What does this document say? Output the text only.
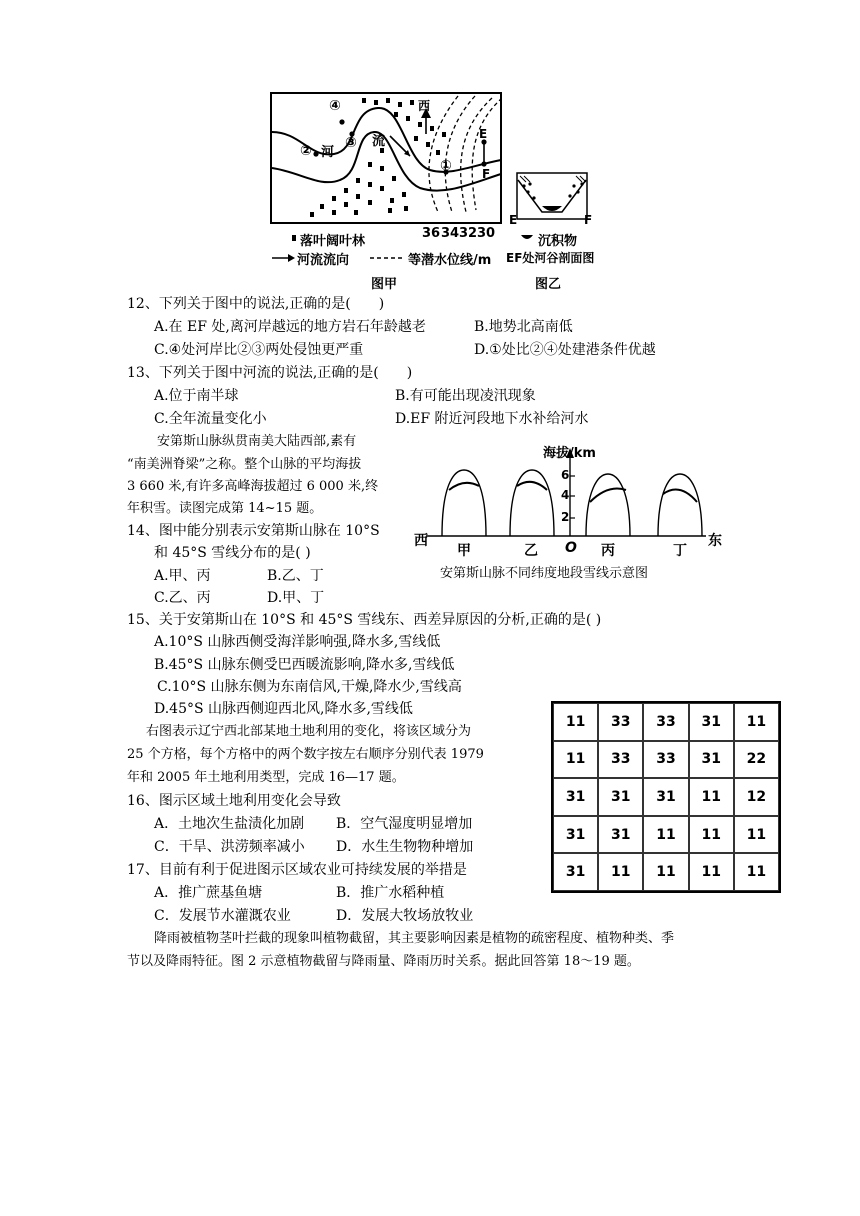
西
④
② 河
③ 流
①
E
F
36 34 32 30
落叶阔叶林
河流流向	等潜水位线/m
图甲
E	F
沉积物
EF处河谷剖面图
图乙
12、下列关于图中的说法,正确的是(　　)
A.在 EF 处,离河岸越远的地方岩石年龄越老	B.地势北高南低
C.④处河岸比②③两处侵蚀更严重	D.①处比②④处建港条件优越
13、下列关于图中河流的说法,正确的是(　　)
A.位于南半球	B.有可能出现凌汛现象
C.全年流量变化小	D.EF 附近河段地下水补给河水
安第斯山脉纵贯南美大陆西部,素有
“南美洲脊梁”之称。整个山脉的平均海拔
3 660 米,有许多高峰海拔超过 6 000 米,终
年积雪。读图完成第 14~15 题。
海拔/km
6
4
2
西	东
O
甲	乙	丙	丁
安第斯山脉不同纬度地段雪线示意图
14、图中能分别表示安第斯山脉在 10°S
和 45°S 雪线分布的是( )
A.甲、丙	B.乙、丁
C.乙、丙	D.甲、丁
15、关于安第斯山在 10°S 和 45°S 雪线东、西差异原因的分析,正确的是( )
A.10°S 山脉西侧受海洋影响强,降水多,雪线低
B.45°S 山脉东侧受巴西暖流影响,降水多,雪线低
C.10°S 山脉东侧为东南信风,干燥,降水少,雪线高
D.45°S 山脉西侧迎西北风,降水多,雪线低
右图表示辽宁西北部某地土地利用的变化，将该区域分为
25 个方格，每个方格中的两个数字按左右顺序分别代表 1979
年和 2005 年土地利用类型，完成 16—17 题。
11	33	33	31	11
11	33	33	31	22
31	31	31	11	12
31	31	11	11	11
31	11	11	11	11
16、图示区域土地利用变化会导致
A．土地次生盐渍化加剧 B．空气湿度明显增加
C．干旱、洪涝频率减小 D．水生生物物种增加
17、目前有利于促进图示区域农业可持续发展的举措是
A．推广蔗基鱼塘	B．推广水稻种植
C．发展节水灌溉农业	D．发展大牧场放牧业
降雨被植物茎叶拦截的现象叫植物截留，其主要影响因素是植物的疏密程度、植物种类、季
节以及降雨特征。图 2 示意植物截留与降雨量、降雨历时关系。据此回答第 18～19 题。
